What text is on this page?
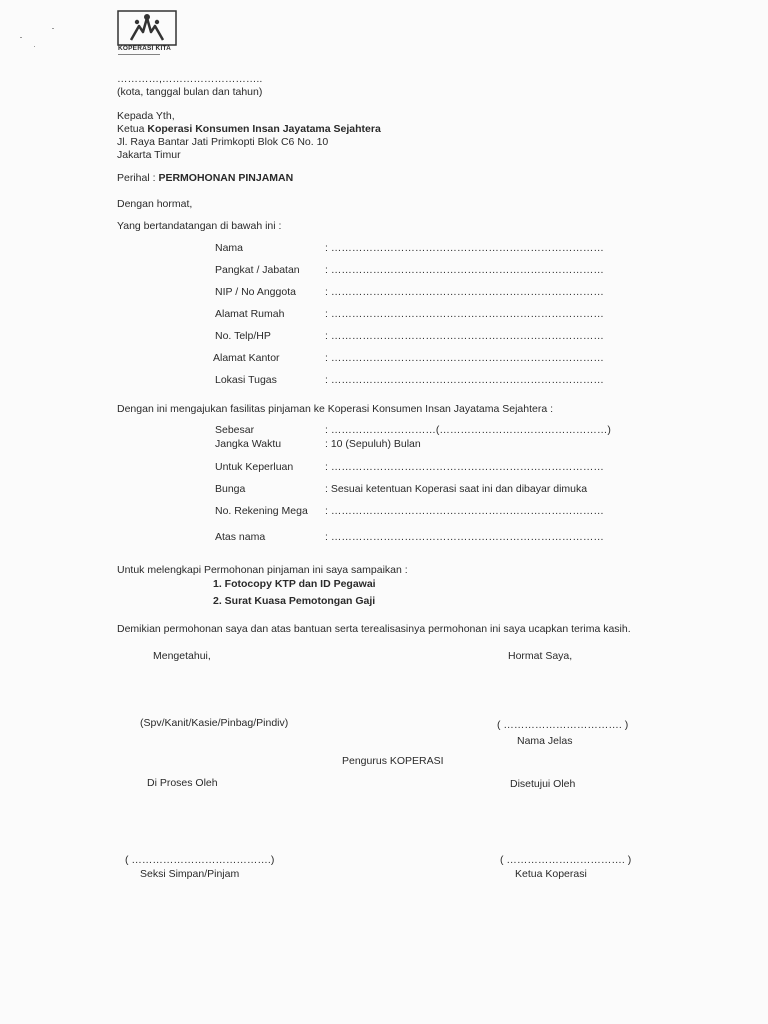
KOPERASI KITA
▬▬▬▬▬▬▬▬▬▬▬▬▬▬
…………,………………………..
(kota, tanggal bulan dan tahun)
Kepada Yth,
Ketua Koperasi Konsumen Insan Jayatama Sejahtera
Jl. Raya Bantar Jati Primkopti Blok C6 No. 10
Jakarta Timur
Perihal : PERMOHONAN PINJAMAN
Dengan hormat,
Yang bertandatangan di bawah ini :
Nama	: ……………………………………………………………………
Pangkat / Jabatan : ……………………………………………………………………
NIP / No Anggota	: ……………………………………………………………………
Alamat Rumah	: ……………………………………………………………………
No. Telp/HP	: ……………………………………………………………………
Alamat Kantor	: ……………………………………………………………………
Lokasi Tugas	: ……………………………………………………………………
Dengan ini mengajukan fasilitas pinjaman ke Koperasi Konsumen Insan Jayatama Sejahtera :
Sebesar	: …………………………(…………………………………………)
Jangka Waktu	: 10 (Sepuluh) Bulan
Untuk Keperluan	: ……………………………………………………………………
Bunga	: Sesuai ketentuan Koperasi saat ini dan dibayar dimuka
No. Rekening Mega : ……………………………………………………………………
Atas nama	: ……………………………………………………………………
Untuk melengkapi Permohonan pinjaman ini saya sampaikan :
1. Fotocopy KTP dan ID Pegawai
2. Surat Kuasa Pemotongan Gaji
Demikian permohonan saya dan atas bantuan serta terealisasinya permohonan ini saya ucapkan terima kasih.
Mengetahui,	Hormat Saya,
(Spv/Kanit/Kasie/Pinbag/Pindiv)	( ……………………………. )
Nama Jelas
Pengurus KOPERASI
Di Proses Oleh	Disetujui Oleh
( ………………………………….)	( ……………………………. )
Seksi Simpan/Pinjam	Ketua Koperasi
